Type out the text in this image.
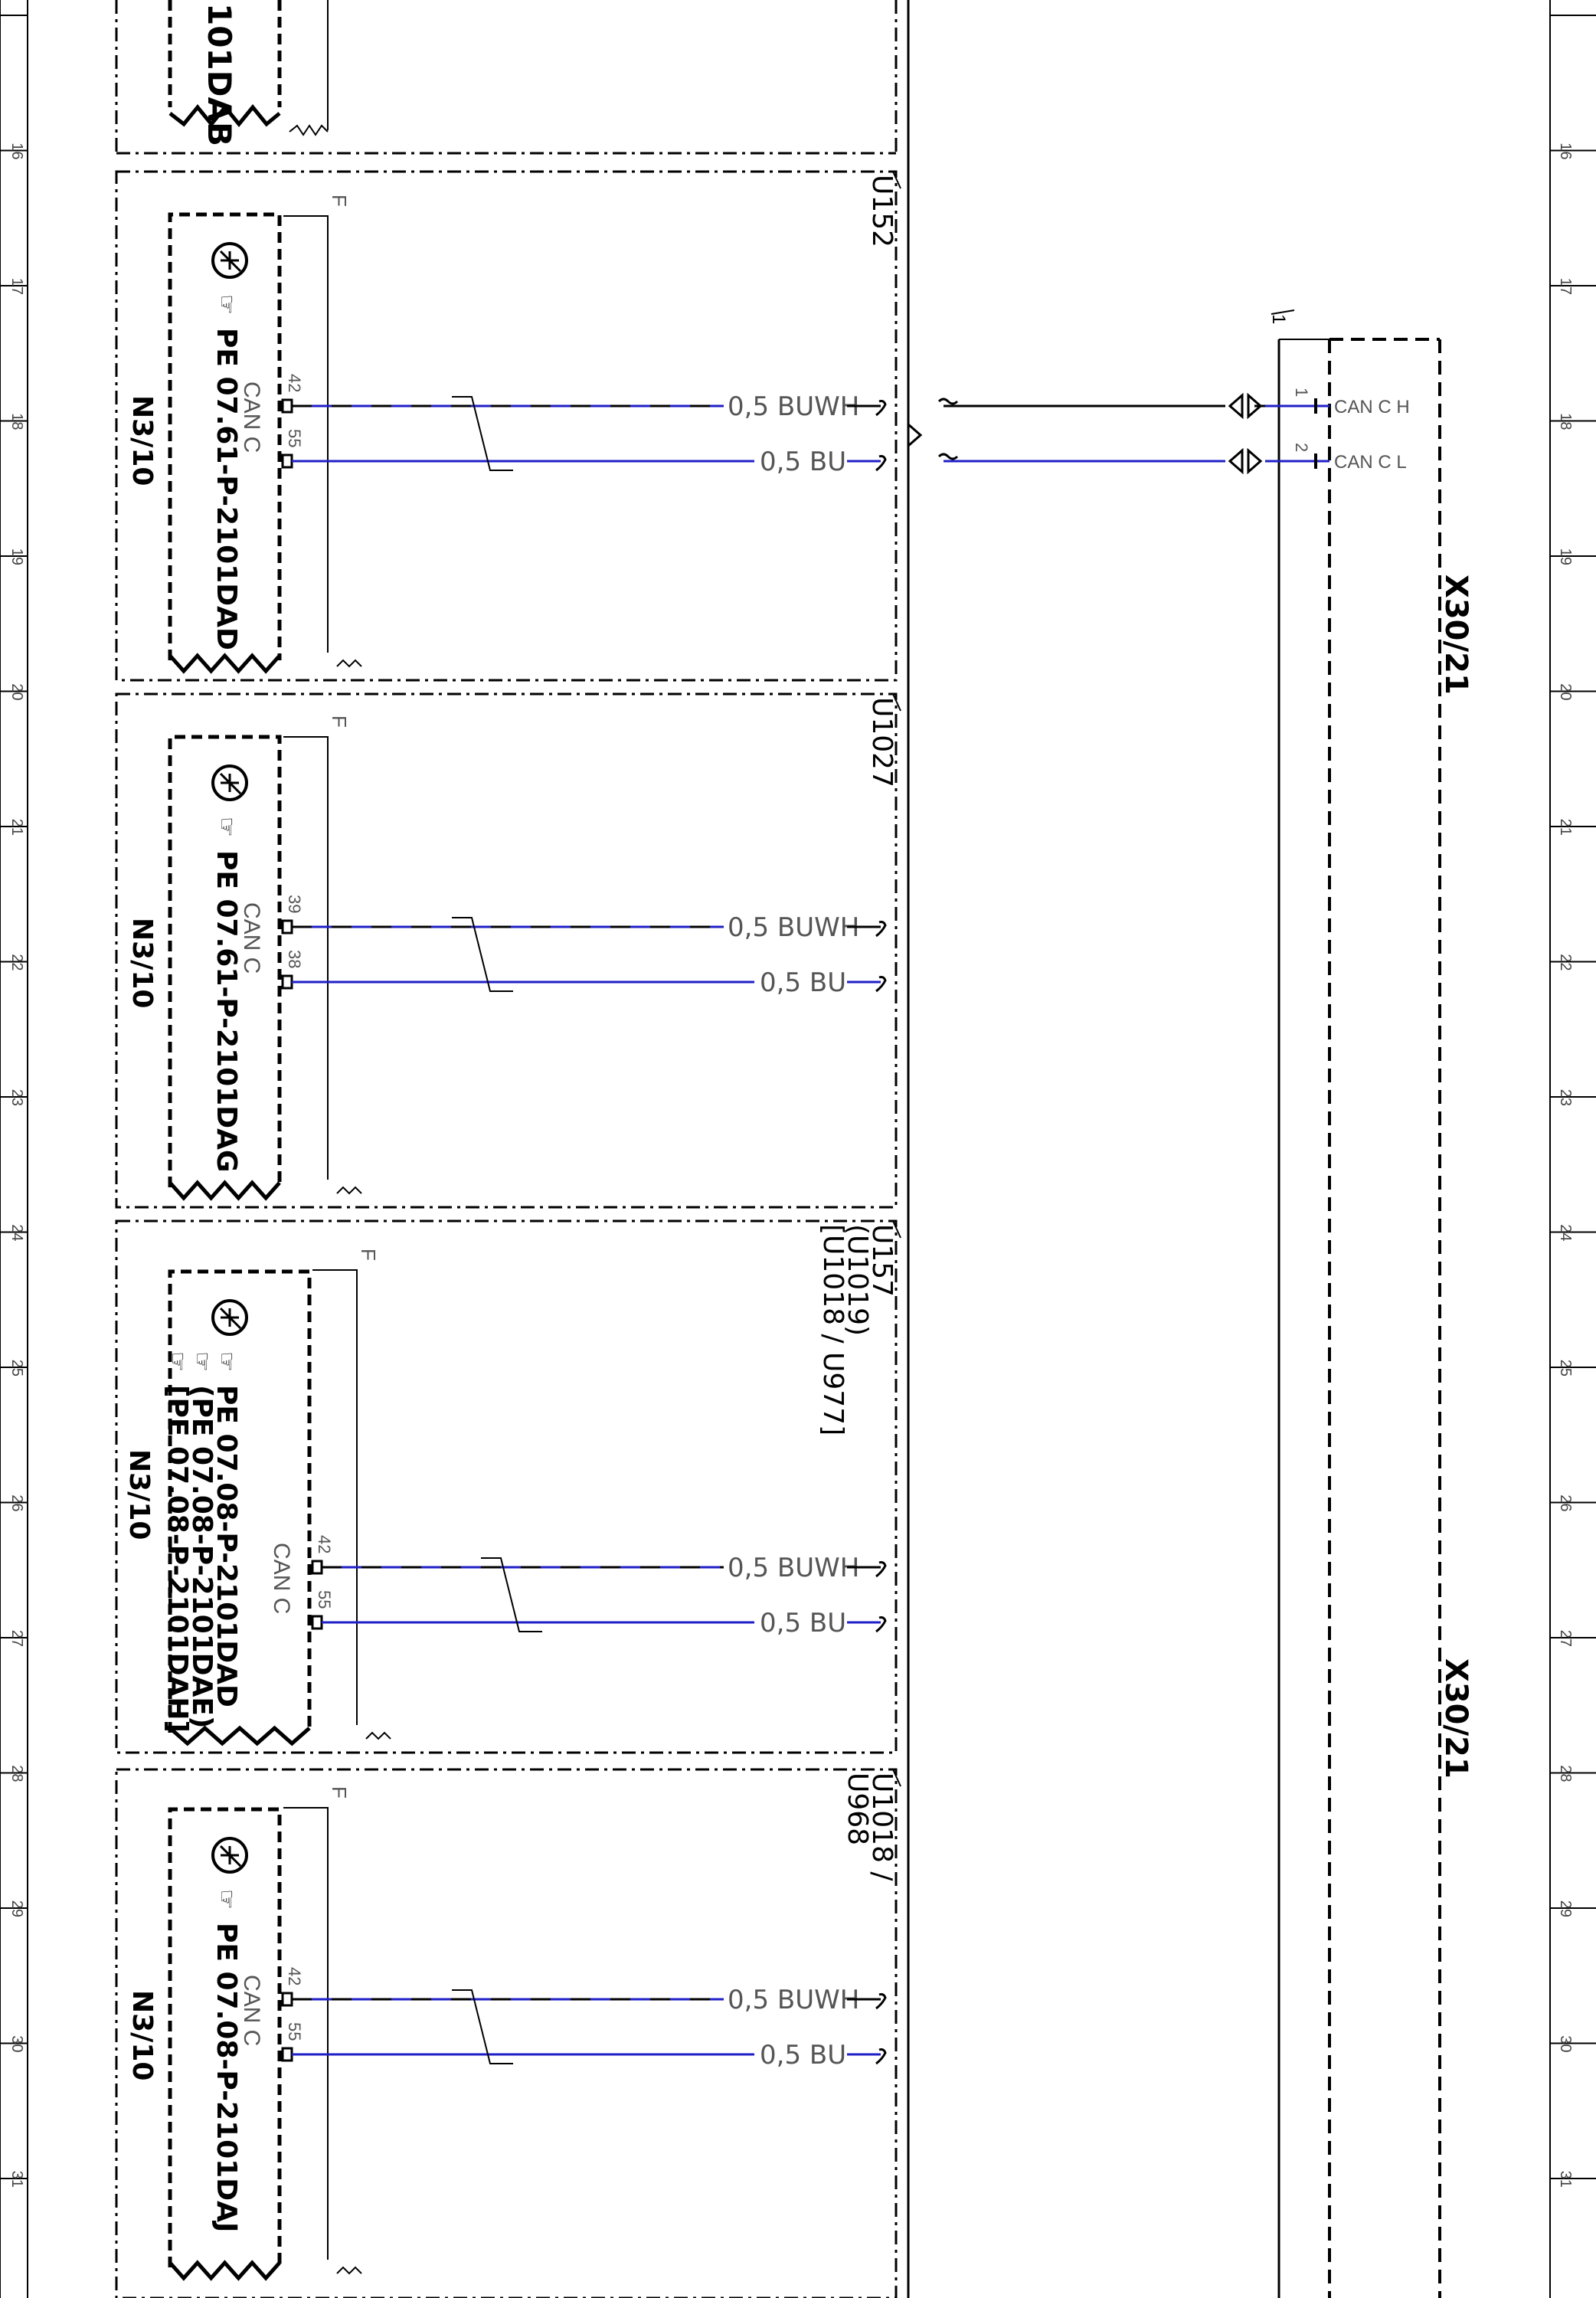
16	16
17	17
18	18
19	19
20	20
21	21
22	22
23	23
24	24
25	25
26	26
27	27
28	28
29	29
30	30
31	31
101DAB
F
☞
PE 07.61-P-2101DAD
N3/10	CAN C
U152
42
0,5 BUWH
55
0,5 BU
F
☞
PE 07.61-P-2101DAG
N3/10	CAN C
U1027
39
0,5 BUWH
38
0,5 BU
F
☞
PE 07.08-P-2101DAD
☞
(PE 07.08-P-2101DAE)
☞
[PE 07.08-P-2101DAH]
N3/10
CAN C
U157
(U1019)
[U1018 / U977]
42
0,5 BUWH
55
0,5 BU
F
☞
PE 07.08-P-2101DAJ
N3/10	CAN C
U1018 /
U968
42
0,5 BUWH
55
0,5 BU
1
X30/21
X30/21
1
2
CAN C H
CAN C L
